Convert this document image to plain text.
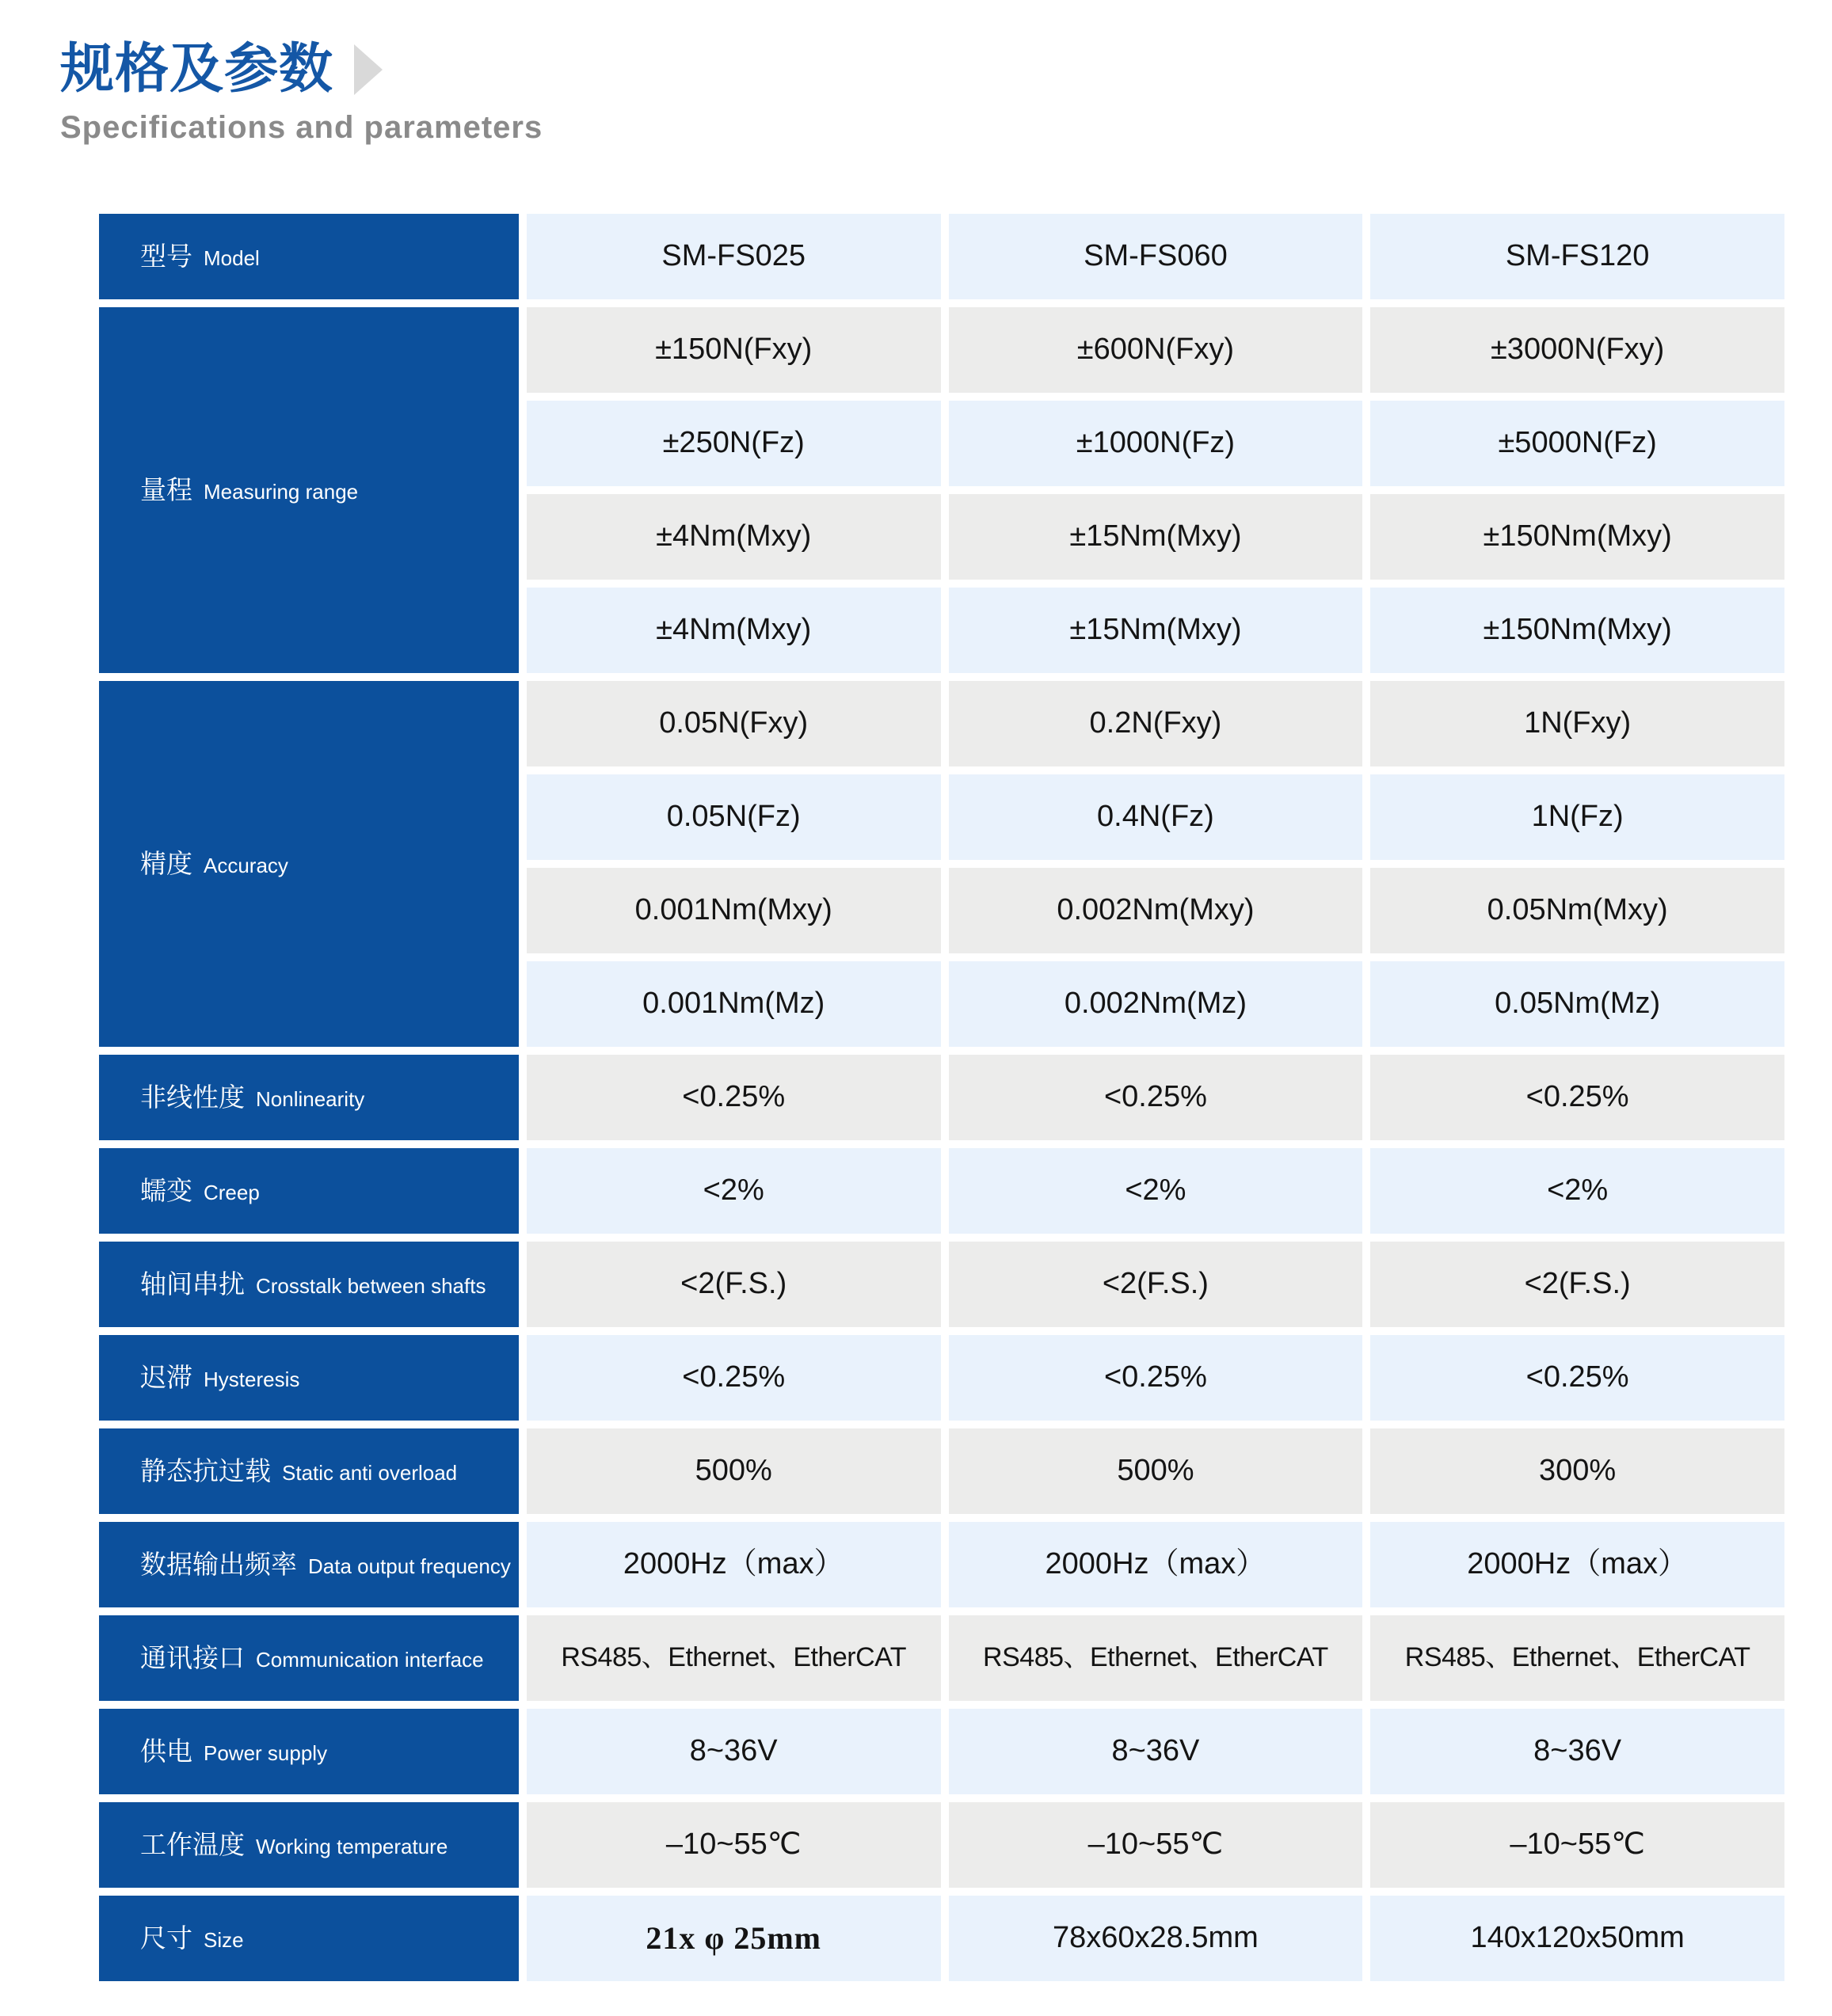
规格及参数
Specifications and parameters
型号 Model	SM-FS025	SM-FS060	SM-FS120
量程 Measuring range
±150N(Fxy)	±600N(Fxy)	±3000N(Fxy)
±250N(Fz)	±1000N(Fz)	±5000N(Fz)
±4Nm(Mxy)	±15Nm(Mxy)	±150Nm(Mxy)
±4Nm(Mxy)	±15Nm(Mxy)	±150Nm(Mxy)
精度 Accuracy
0.05N(Fxy)	0.2N(Fxy)	1N(Fxy)
0.05N(Fz)	0.4N(Fz)	1N(Fz)
0.001Nm(Mxy)	0.002Nm(Mxy)	0.05Nm(Mxy)
0.001Nm(Mz)	0.002Nm(Mz)	0.05Nm(Mz)
非线性度 Nonlinearity	<0.25%	<0.25%	<0.25%
蠕变 Creep	<2%	<2%	<2%
轴间串扰 Crosstalk between shafts	<2(F.S.)	<2(F.S.)	<2(F.S.)
迟滞 Hysteresis	<0.25%	<0.25%	<0.25%
静态抗过载 Static anti overload	500%	500%	300%
数据输出频率 Data output frequency	2000Hz（max）	2000Hz（max）	2000Hz（max）
通讯接口 Communication interface	RS485、Ethernet、EtherCAT	RS485、Ethernet、EtherCAT	RS485、Ethernet、EtherCAT
供电 Power supply	8~36V	8~36V	8~36V
工作温度 Working temperature	–10~55℃	–10~55℃	–10~55℃
尺寸 Size	21x φ 25mm	78x60x28.5mm	140x120x50mm
